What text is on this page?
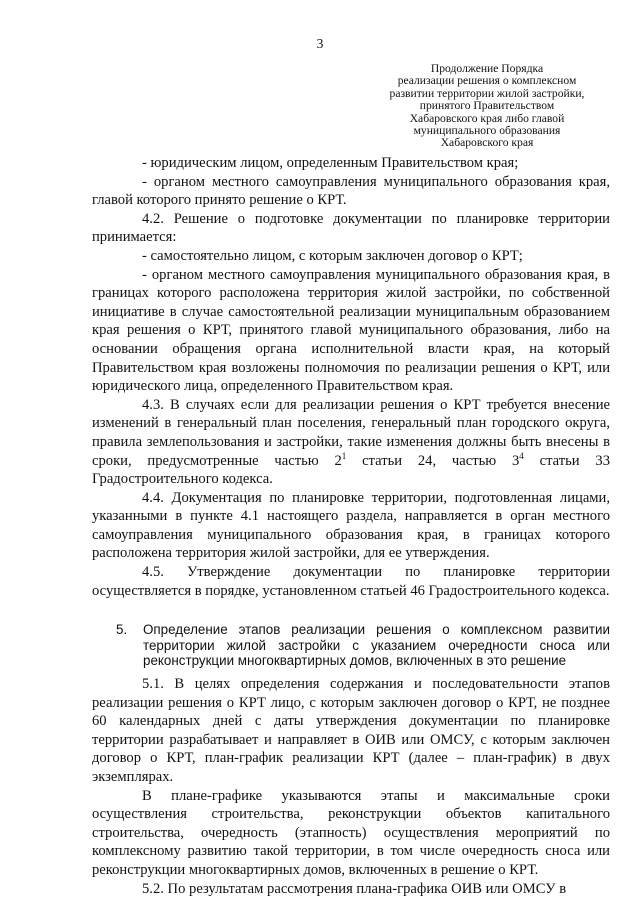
3
Продолжение Порядка
реализации решения о комплексном
развитии территории жилой застройки,
принятого Правительством
Хабаровского края либо главой
муниципального образования
Хабаровского края

- юридическим лицом, определенным Правительством края;

- органом местного самоуправления муниципального образования края, главой которого принято решение о КРТ.

4.2. Решение о подготовке документации по планировке территории принимается:

- самостоятельно лицом, с которым заключен договор о КРТ;

- органом местного самоуправления муниципального образования края, в границах которого расположена территория жилой застройки, по собственной инициативе в случае самостоятельной реализации муниципальным образованием края решения о КРТ, принятого главой муниципального образования, либо на основании обращения органа исполнительной власти края, на который Правительством края возложены полномочия по реализации решения о КРТ, или юридического лица, определенного Правительством края.

4.3. В случаях если для реализации решения о КРТ требуется внесение изменений в генеральный план поселения, генеральный план городского округа, правила землепользования и застройки, такие изменения должны быть внесены в сроки, предусмотренные частью $2^1$ статьи 24, частью $3^4$ статьи 33 Градостроительного кодекса.

4.4. Документация по планировке территории, подготовленная лицами, указанными в пункте 4.1 настоящего раздела, направляется в орган местного самоуправления муниципального образования края, в границах которого расположена территория жилой застройки, для ее утверждения.

4.5. Утверждение документации по планировке территории осуществляется в порядке, установленном статьей 46 Градостроительного кодекса.

5.	Определение этапов реализации решения о комплексном развитии территории жилой застройки с указанием очередности сноса или реконструкции многоквартирных домов, включенных в это решение

5.1. В целях определения содержания и последовательности этапов реализации решения о КРТ лицо, с которым заключен договор о КРТ, не позднее 60 календарных дней с даты утверждения документации по планировке территории разрабатывает и направляет в ОИВ или ОМСУ, с которым заключен договор о КРТ, план-график реализации КРТ (далее – план-график) в двух экземплярах.

В плане-графике указываются этапы и максимальные сроки осуществления строительства, реконструкции объектов капитального строительства, очередность (этапность) осуществления мероприятий по комплексному развитию такой территории, в том числе очередность сноса или реконструкции многоквартирных домов, включенных в решение о КРТ.

5.2. По результатам рассмотрения плана-графика ОИВ или ОМСУ в
